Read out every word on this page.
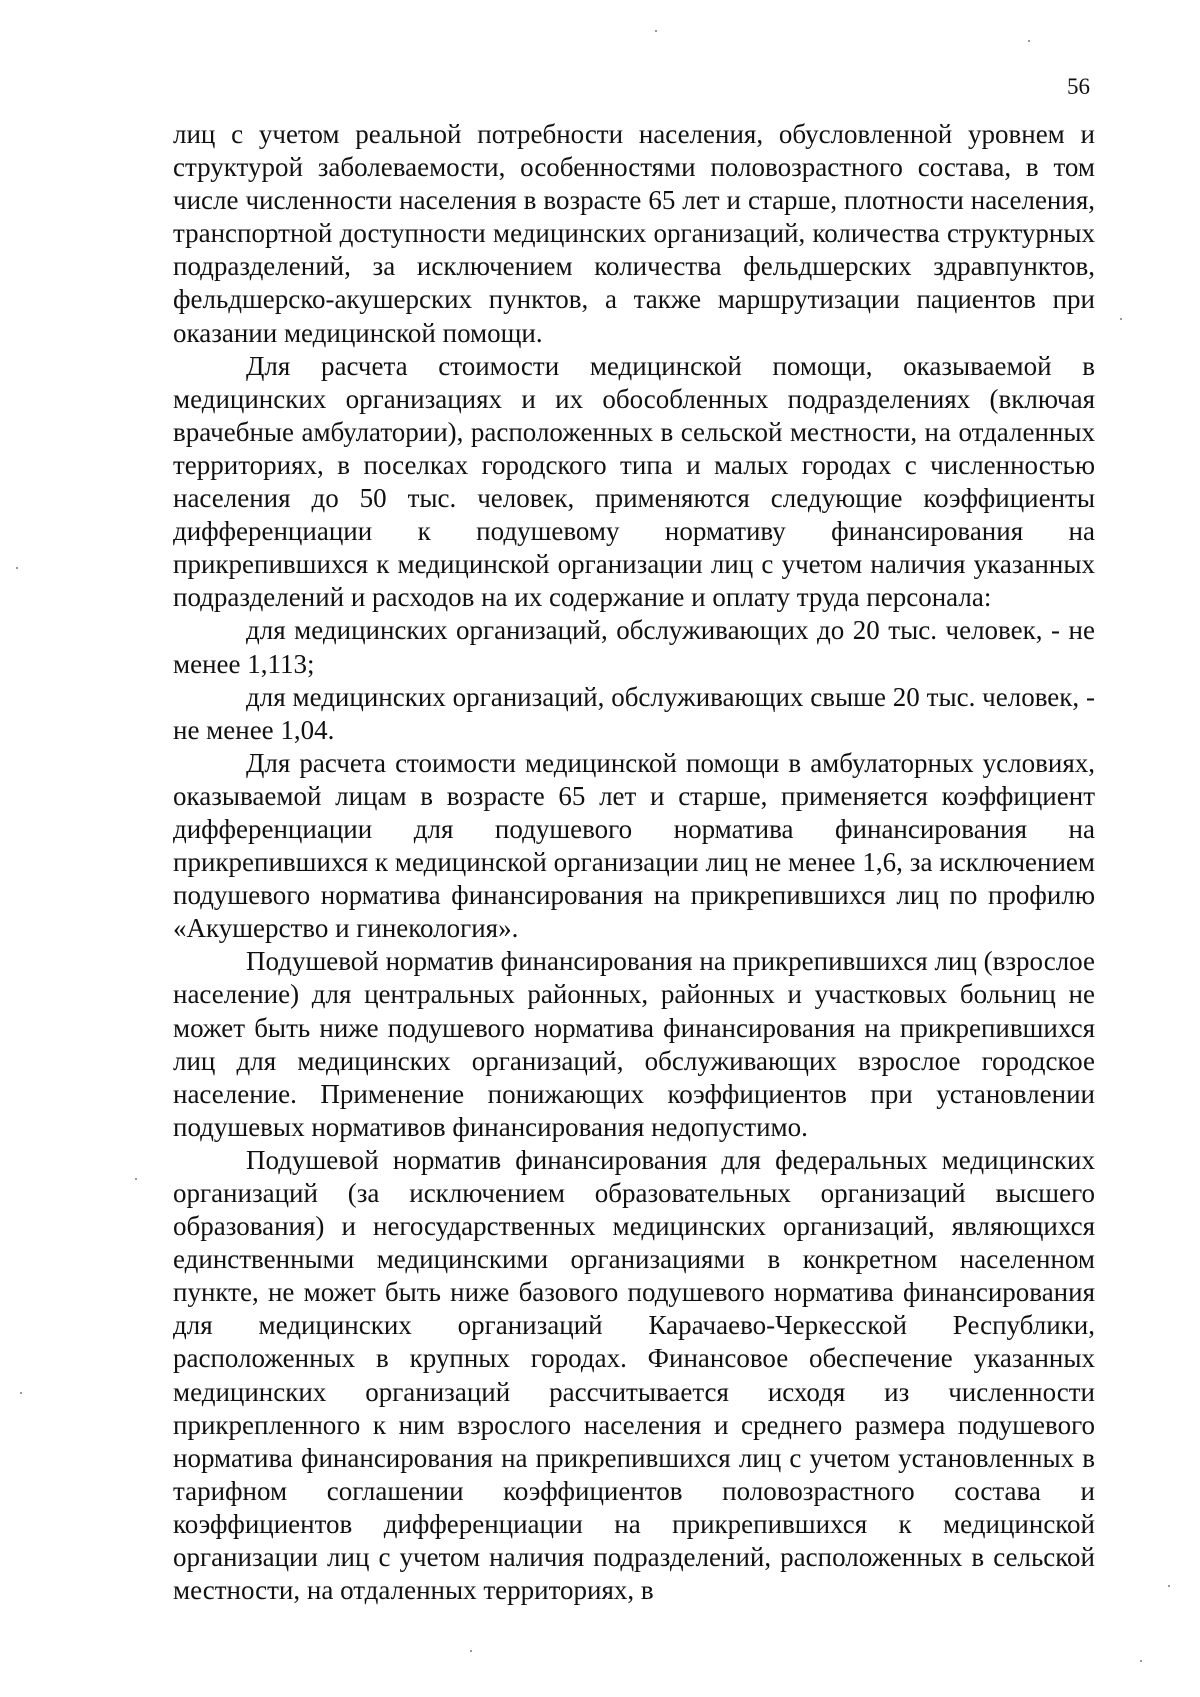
56

лиц с учетом реальной потребности населения, обусловленной уровнем и структурой заболеваемости, особенностями половозрастного состава, в том числе численности населения в возрасте 65 лет и старше, плотности населения, транспортной доступности медицинских организаций, количества структурных подразделений, за исключением количества фельдшерских здравпунктов, фельдшерско-акушерских пунктов, а также маршрутизации пациентов при оказании медицинской помощи.

Для расчета стоимости медицинской помощи, оказываемой в медицинских организациях и их обособленных подразделениях (включая врачебные амбулатории), расположенных в сельской местности, на отдаленных территориях, в поселках городского типа и малых городах с численностью населения до 50 тыс. человек, применяются следующие коэффициенты дифференциации к подушевому нормативу финансирования на прикрепившихся к медицинской организации лиц с учетом наличия указанных подразделений и расходов на их содержание и оплату труда персонала:

для медицинских организаций, обслуживающих до 20 тыс. человек, - не менее 1,113;

для медицинских организаций, обслуживающих свыше 20 тыс. человек, - не менее 1,04.

Для расчета стоимости медицинской помощи в амбулаторных условиях, оказываемой лицам в возрасте 65 лет и старше, применяется коэффициент дифференциации для подушевого норматива финансирования на прикрепившихся к медицинской организации лиц не менее 1,6, за исключением подушевого норматива финансирования на прикрепившихся лиц по профилю «Акушерство и гинекология».

Подушевой норматив финансирования на прикрепившихся лиц (взрослое население) для центральных районных, районных и участковых больниц не может быть ниже подушевого норматива финансирования на прикрепившихся лиц для медицинских организаций, обслуживающих взрослое городское население. Применение понижающих коэффициентов при установлении подушевых нормативов финансирования недопустимо.

Подушевой норматив финансирования для федеральных медицинских организаций (за исключением образовательных организаций высшего образования) и негосударственных медицинских организаций, являющихся единственными медицинскими организациями в конкретном населенном пункте, не может быть ниже базового подушевого норматива финансирования для медицинских организаций Карачаево-Черкесской Республики, расположенных в крупных городах. Финансовое обеспечение указанных медицинских организаций рассчитывается исходя из численности прикрепленного к ним взрослого населения и среднего размера подушевого норматива финансирования на прикрепившихся лиц с учетом установленных в тарифном соглашении коэффициентов половозрастного состава и коэффициентов дифференциации на прикрепившихся к медицинской организации лиц с учетом наличия подразделений, расположенных в сельской местности, на отдаленных территориях, в
